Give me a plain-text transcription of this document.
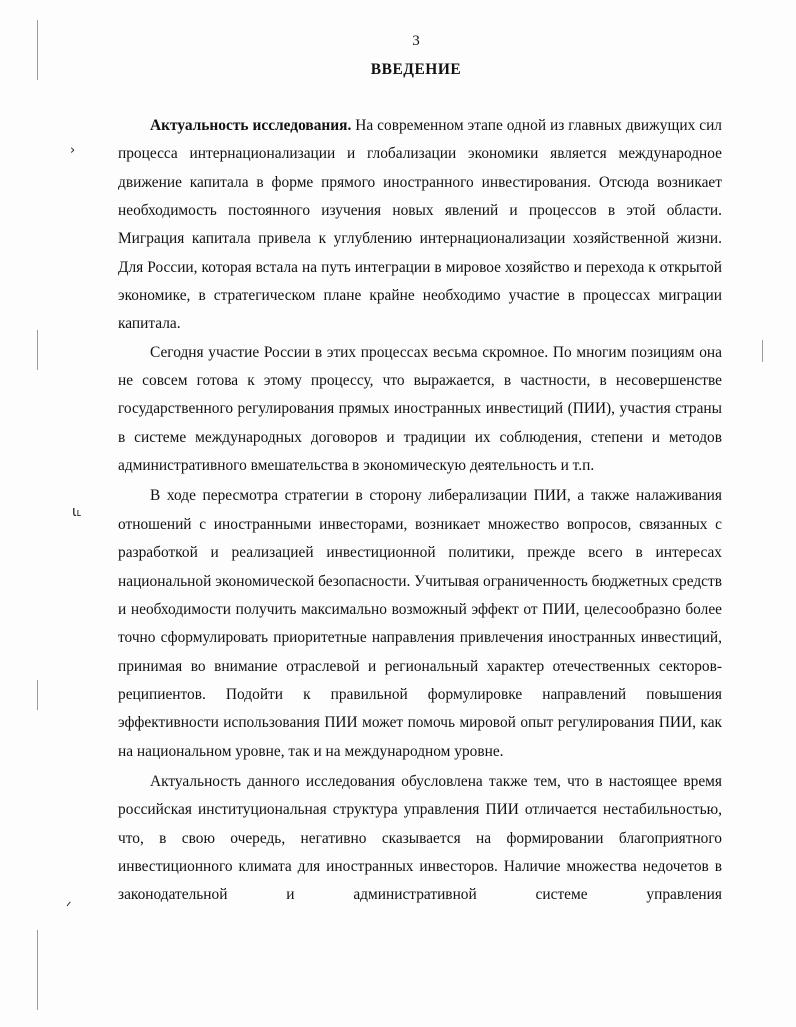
›
ɩ˪
ᐟ
3
ВВЕДЕНИЕ

Актуальность исследования. На современном этапе одной из главных движущих сил процесса интернационализации и глобализации экономики является международное движение капитала в форме прямого иностранного инвестирования. Отсюда возникает необходимость постоянного изучения новых явлений и процессов в этой области. Миграция капитала привела к углублению интернационализации хозяйственной жизни. Для России, которая встала на путь интеграции в мировое хозяйство и перехода к открытой экономике, в стратегическом плане крайне необходимо участие в процессах миграции капитала.

Сегодня участие России в этих процессах весьма скромное. По многим позициям она не совсем готова к этому процессу, что выражается, в частности, в несовершенстве государственного регулирования прямых иностранных инвестиций (ПИИ), участия страны в системе международных договоров и традиции их соблюдения, степени и методов административного вмешательства в экономическую деятельность и т.п.

В ходе пересмотра стратегии в сторону либерализации ПИИ, а также налаживания отношений с иностранными инвесторами, возникает множество вопросов, связанных с разработкой и реализацией инвестиционной политики, прежде всего в интересах национальной экономической безопасности. Учитывая ограниченность бюджетных средств и необходимости получить максимально возможный эффект от ПИИ, целесообразно более точно сформулировать приоритетные направления привлечения иностранных инвестиций, принимая во внимание отраслевой и региональный характер отечественных секторов-реципиентов. Подойти к правильной формулировке направлений повышения эффективности использования ПИИ может помочь мировой опыт регулирования ПИИ, как на национальном уровне, так и на международном уровне.

Актуальность данного исследования обусловлена также тем, что в настоящее время российская институциональная структура управления ПИИ отличается нестабильностью, что, в свою очередь, негативно сказывается на формировании благоприятного инвестиционного климата для иностранных инвесторов. Наличие множества недочетов в законодательной и административной системе управления
